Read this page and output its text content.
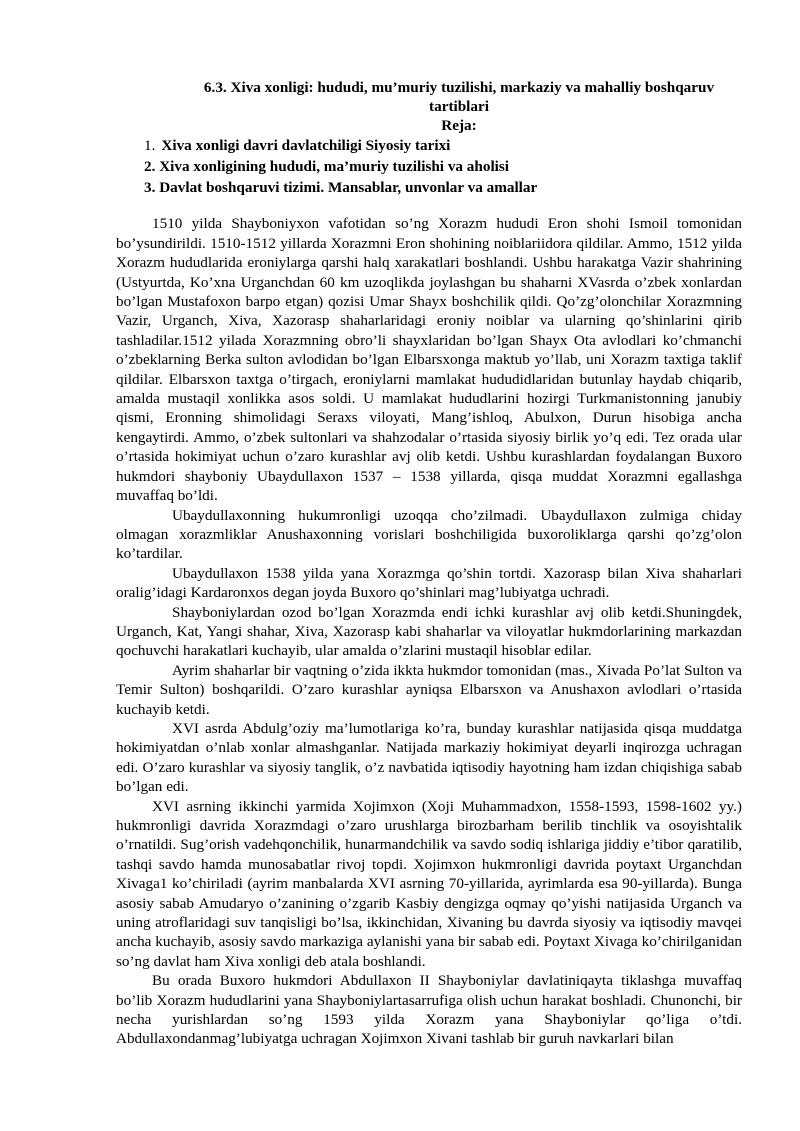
6.3. Xiva xonligi: hududi, mu’muriy tuzilishi, markaziy va mahalliy boshqaruv tartiblari
Reja:
1. Xiva xonligi davri davlatchiligi Siyosiy tarixi
2. Xiva xonligining hududi, ma’muriy tuzilishi va aholisi
3. Davlat boshqaruvi tizimi. Mansablar, unvonlar va amallar

1510 yilda Shayboniyxon vafotidan so’ng Xorazm hududi Eron shohi Ismoil tomonidan bo’ysundirildi. 1510-1512 yillarda Xorazmni Eron shohining noiblariidora qildilar. Ammo, 1512 yilda Xorazm hududlarida eroniylarga qarshi halq xarakatlari boshlandi. Ushbu harakatga Vazir shahrining (Ustyurtda, Ko’xna Urganchdan 60 km uzoqlikda joylashgan bu shaharni XVasrda o’zbek xonlardan bo’lgan Mustafoxon barpo etgan) qozisi Umar Shayx boshchilik qildi. Qo’zg’olonchilar Xorazmning Vazir, Urganch, Xiva, Xazorasp shaharlaridagi eroniy noiblar va ularning qo’shinlarini qirib tashladilar.1512 yilada Xorazmning obro’li shayxlaridan bo’lgan Shayx Ota avlodlari ko’chmanchi o’zbeklarning Berka sulton avlodidan bo’lgan Elbarsxonga maktub yo’llab, uni Xorazm taxtiga taklif qildilar. Elbarsxon taxtga o’tirgach, eroniylarni mamlakat hududidlaridan butunlay haydab chiqarib, amalda mustaqil xonlikka asos soldi. U mamlakat hududlarini hozirgi Turkmanistonning janubiy qismi, Eronning shimolidagi Seraxs viloyati, Mang’ishloq, Abulxon, Durun hisobiga ancha kengaytirdi. Ammo, o’zbek sultonlari va shahzodalar o’rtasida siyosiy birlik yo’q edi. Tez orada ular o’rtasida hokimiyat uchun o’zaro kurashlar avj olib ketdi. Ushbu kurashlardan foydalangan Buxoro hukmdori shayboniy Ubaydullaxon 1537 – 1538 yillarda, qisqa muddat Xorazmni egallashga muvaffaq bo’ldi.

Ubaydullaxonning hukumronligi uzoqqa cho’zilmadi. Ubaydullaxon zulmiga chiday olmagan xorazmliklar Anushaxonning vorislari boshchiligida buxoroliklarga qarshi qo’zg’olon ko’tardilar.

Ubaydullaxon 1538 yilda yana Xorazmga qo’shin tortdi. Xazorasp bilan Xiva shaharlari oralig’idagi Kardaronxos degan joyda Buxoro qo’shinlari mag’lubiyatga uchradi.

Shayboniylardan ozod bo’lgan Xorazmda endi ichki kurashlar avj olib ketdi.Shuningdek, Urganch, Kat, Yangi shahar, Xiva, Xazorasp kabi shaharlar va viloyatlar hukmdorlarining markazdan qochuvchi harakatlari kuchayib, ular amalda o’zlarini mustaqil hisoblar edilar.

Ayrim shaharlar bir vaqtning o’zida ikkta hukmdor tomonidan (mas., Xivada Po’lat Sulton va Temir Sulton) boshqarildi. O’zaro kurashlar ayniqsa Elbarsxon va Anushaxon avlodlari o’rtasida kuchayib ketdi.

XVI asrda Abdulg’oziy ma’lumotlariga ko’ra, bunday kurashlar natijasida qisqa muddatga hokimiyatdan o’nlab xonlar almashganlar. Natijada markaziy hokimiyat deyarli inqirozga uchragan edi. O’zaro kurashlar va siyosiy tanglik, o’z navbatida iqtisodiy hayotning ham izdan chiqishiga sabab bo’lgan edi.

XVI asrning ikkinchi yarmida Xojimxon (Xoji Muhammadxon, 1558-1593, 1598-1602 yy.) hukmronligi davrida Xorazmdagi o’zaro urushlarga birozbarham berilib tinchlik va osoyishtalik o’rnatildi. Sug’orish vadehqonchilik, hunarmandchilik va savdo sodiq ishlariga jiddiy e’tibor qaratilib, tashqi savdo hamda munosabatlar rivoj topdi. Xojimxon hukmronligi davrida poytaxt Urganchdan Xivaga1 ko’chiriladi (ayrim manbalarda XVI asrning 70-yillarida, ayrimlarda esa 90-yillarda). Bunga asosiy sabab Amudaryo o’zanining o’zgarib Kasbiy dengizga oqmay qo’yishi natijasida Urganch va uning atroflaridagi suv tanqisligi bo’lsa, ikkinchidan, Xivaning bu davrda siyosiy va iqtisodiy mavqei ancha kuchayib, asosiy savdo markaziga aylanishi yana bir sabab edi. Poytaxt Xivaga ko’chirilganidan so’ng davlat ham Xiva xonligi deb atala boshlandi.

Bu orada Buxoro hukmdori Abdullaxon II Shayboniylar davlatiniqayta tiklashga muvaffaq bo’lib Xorazm hududlarini yana Shayboniylartasarrufiga olish uchun harakat boshladi. Chunonchi, bir necha yurishlardan so’ng 1593 yilda Xorazm yana Shayboniylar qo’liga o’tdi. Abdullaxondanmag’lubiyatga uchragan Xojimxon Xivani tashlab bir guruh navkarlari bilan
